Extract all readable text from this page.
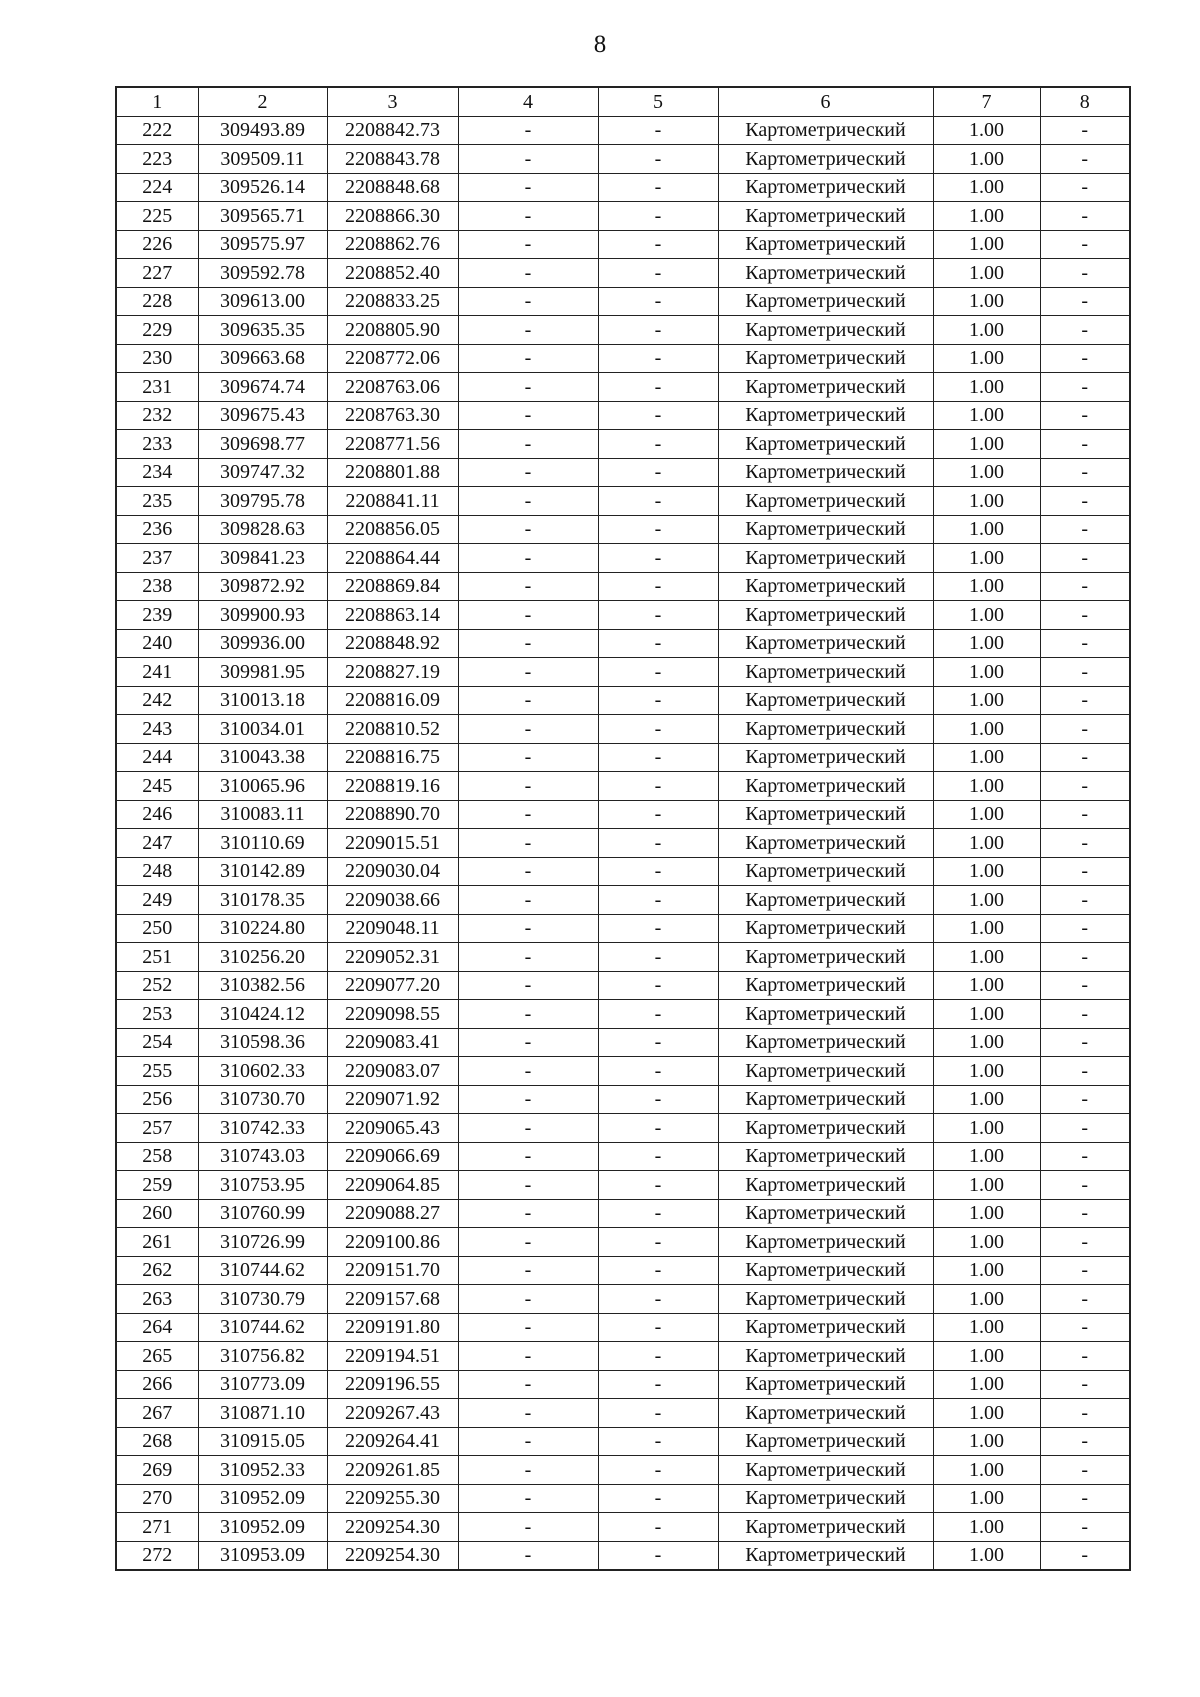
8
1	2	3	4	5	6	7	8
222	309493.89	2208842.73	-	-	Картометрический	1.00	-
223	309509.11	2208843.78	-	-	Картометрический	1.00	-
224	309526.14	2208848.68	-	-	Картометрический	1.00	-
225	309565.71	2208866.30	-	-	Картометрический	1.00	-
226	309575.97	2208862.76	-	-	Картометрический	1.00	-
227	309592.78	2208852.40	-	-	Картометрический	1.00	-
228	309613.00	2208833.25	-	-	Картометрический	1.00	-
229	309635.35	2208805.90	-	-	Картометрический	1.00	-
230	309663.68	2208772.06	-	-	Картометрический	1.00	-
231	309674.74	2208763.06	-	-	Картометрический	1.00	-
232	309675.43	2208763.30	-	-	Картометрический	1.00	-
233	309698.77	2208771.56	-	-	Картометрический	1.00	-
234	309747.32	2208801.88	-	-	Картометрический	1.00	-
235	309795.78	2208841.11	-	-	Картометрический	1.00	-
236	309828.63	2208856.05	-	-	Картометрический	1.00	-
237	309841.23	2208864.44	-	-	Картометрический	1.00	-
238	309872.92	2208869.84	-	-	Картометрический	1.00	-
239	309900.93	2208863.14	-	-	Картометрический	1.00	-
240	309936.00	2208848.92	-	-	Картометрический	1.00	-
241	309981.95	2208827.19	-	-	Картометрический	1.00	-
242	310013.18	2208816.09	-	-	Картометрический	1.00	-
243	310034.01	2208810.52	-	-	Картометрический	1.00	-
244	310043.38	2208816.75	-	-	Картометрический	1.00	-
245	310065.96	2208819.16	-	-	Картометрический	1.00	-
246	310083.11	2208890.70	-	-	Картометрический	1.00	-
247	310110.69	2209015.51	-	-	Картометрический	1.00	-
248	310142.89	2209030.04	-	-	Картометрический	1.00	-
249	310178.35	2209038.66	-	-	Картометрический	1.00	-
250	310224.80	2209048.11	-	-	Картометрический	1.00	-
251	310256.20	2209052.31	-	-	Картометрический	1.00	-
252	310382.56	2209077.20	-	-	Картометрический	1.00	-
253	310424.12	2209098.55	-	-	Картометрический	1.00	-
254	310598.36	2209083.41	-	-	Картометрический	1.00	-
255	310602.33	2209083.07	-	-	Картометрический	1.00	-
256	310730.70	2209071.92	-	-	Картометрический	1.00	-
257	310742.33	2209065.43	-	-	Картометрический	1.00	-
258	310743.03	2209066.69	-	-	Картометрический	1.00	-
259	310753.95	2209064.85	-	-	Картометрический	1.00	-
260	310760.99	2209088.27	-	-	Картометрический	1.00	-
261	310726.99	2209100.86	-	-	Картометрический	1.00	-
262	310744.62	2209151.70	-	-	Картометрический	1.00	-
263	310730.79	2209157.68	-	-	Картометрический	1.00	-
264	310744.62	2209191.80	-	-	Картометрический	1.00	-
265	310756.82	2209194.51	-	-	Картометрический	1.00	-
266	310773.09	2209196.55	-	-	Картометрический	1.00	-
267	310871.10	2209267.43	-	-	Картометрический	1.00	-
268	310915.05	2209264.41	-	-	Картометрический	1.00	-
269	310952.33	2209261.85	-	-	Картометрический	1.00	-
270	310952.09	2209255.30	-	-	Картометрический	1.00	-
271	310952.09	2209254.30	-	-	Картометрический	1.00	-
272	310953.09	2209254.30	-	-	Картометрический	1.00	-
